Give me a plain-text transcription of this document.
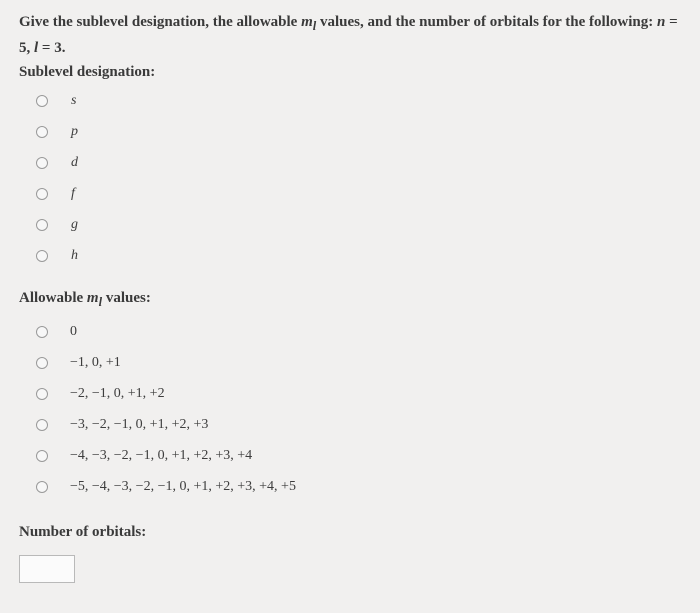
Give the sublevel designation, the allowable $m_l$ values, and the number of orbitals for the following: n =
5, l = 3.
Sublevel designation:
s
p
d
f
g
h
Allowable $m_l$ values:
0
−1, 0, +1
−2, −1, 0, +1, +2
−3, −2, −1, 0, +1, +2, +3
−4, −3, −2, −1, 0, +1, +2, +3, +4
−5, −4, −3, −2, −1, 0, +1, +2, +3, +4, +5
Number of orbitals:
